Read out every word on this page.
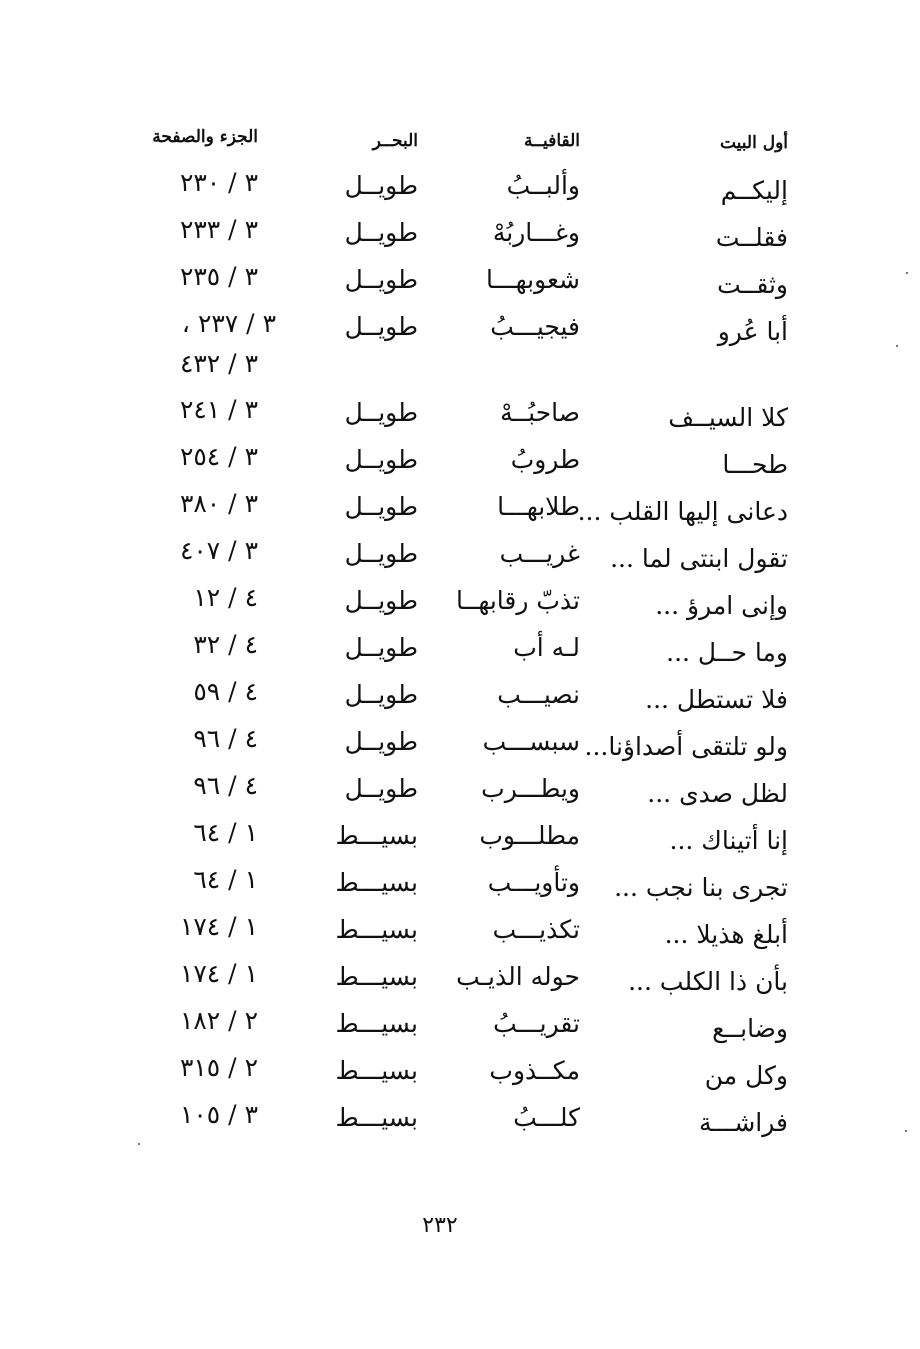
أول البيت
القافيــة
البحــر
الجزء والصفحة
إليكــم
وألبــبُ
طويــل
٣ / ٢٣٠
فقلــت
وغـــاربُهْ
طويــل
٣ / ٢٣٣
وثقــت
شعوبهـــا
طويــل
٣ / ٢٣٥
أبا عُرو
فيجيـــبُ
طويــل
٣ / ٢٣٧ ،
٣ / ٤٣٢
كلا السيــف
صاحبُــهْ
طويــل
٣ / ٢٤١
طحـــا
طروبُ
طويــل
٣ / ٢٥٤
دعانى إليها القلب ...
طلابهـــا
طويــل
٣ / ٣٨٠
تقول ابنتى لما ...
غريـــب
طويــل
٣ / ٤٠٧
وإنى امرؤ ...
تذبّ رقابهــا
طويــل
٤ / ١٢
وما حــل ...
لـه أب
طويــل
٤ / ٣٢
فلا تستطل ...
نصيـــب
طويــل
٤ / ٥٩
ولو تلتقى أصداؤنا...
سبســـب
طويــل
٤ / ٩٦
لظل صدى ...
ويطـــرب
طويــل
٤ / ٩٦
إنا أتيناك ...
مطلـــوب
بسيـــط
١ / ٦٤
تجرى بنا نجب ...
وتأويـــب
بسيـــط
١ / ٦٤
أبلغ هذيلا ...
تكذيـــب
بسيـــط
١ / ١٧٤
بأن ذا الكلب ...
حوله الذيـب
بسيـــط
١ / ١٧٤
وضابــع
تقريـــبُ
بسيـــط
٢ / ١٨٢
وكل من
مكــذوب
بسيـــط
٢ / ٣١٥
فراشـــة
كلـــبُ
بسيـــط
٣ / ١٠٥
٢٣٢
